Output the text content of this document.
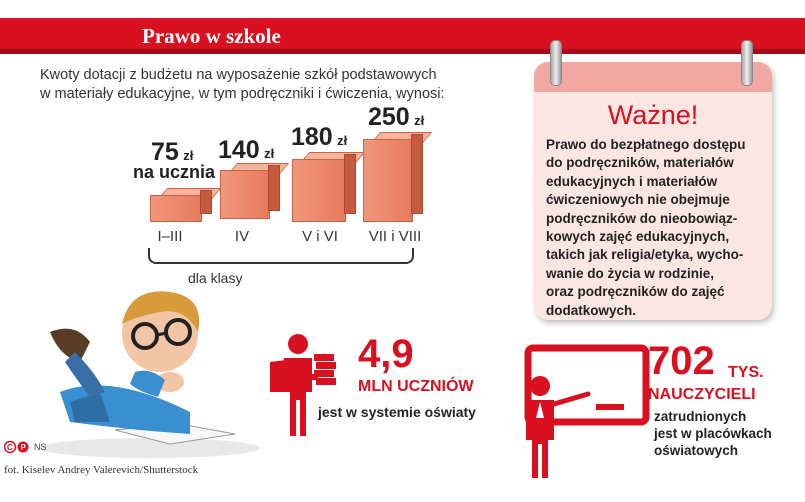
Prawo w szkole
Kwoty dotacji z budżetu na wyposażenie szkół podstawowych
w materiały edukacyjne, w tym podręczniki i ćwiczenia, wynosi:
75 zł
na ucznia
140 zł
180 zł
250 zł
I–III	IV	V i VI	VII i VIII
dla klasy
Ważne!
Prawo do bezpłatnego dostępu
do podręczników, materiałów
edukacyjnych i materiałów
ćwiczeniowych nie obejmuje
podręczników do nieobowiąz-
kowych zajęć edukacyjnych,
takich jak religia/etyka, wycho-
wanie do życia w rodzinie,
oraz podręczników do zajęć
dodatkowych.
4,9
MLN UCZNIÓW
jest w systemie oświaty
702 TYS.
NAUCZYCIELI
zatrudnionych
jest w placówkach
oświatowych
C P NS
fot. Kiselev Andrey Valerevich/Shutterstock
